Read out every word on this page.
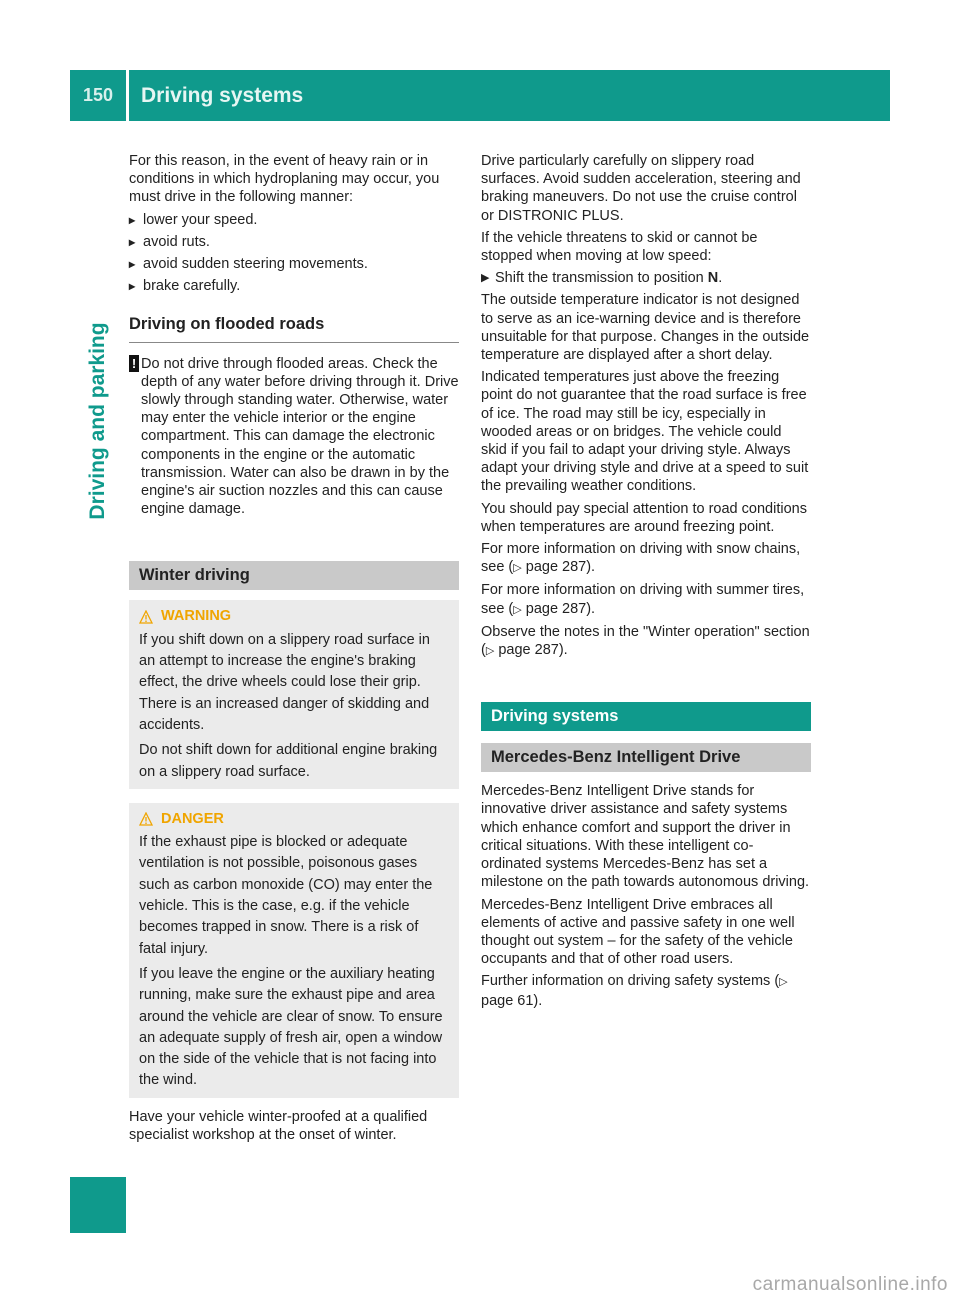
150	Driving systems
Driving and parking

For this reason, in the event of heavy rain or in conditions in which hydroplaning may occur, you must drive in the following manner:

▸ lower your speed.
▸ avoid ruts.
▸ avoid sudden steering movements.
▸ brake carefully.
Driving on flooded roads
! Do not drive through flooded areas. Check the depth of any water before driving through it. Drive slowly through standing water. Otherwise, water may enter the vehicle interior or the engine compartment. This can damage the electronic components in the engine or the automatic transmission. Water can also be drawn in by the engine's air suction nozzles and this can cause engine damage.
Winter driving
WARNING

If you shift down on a slippery road surface in an attempt to increase the engine's braking effect, the drive wheels could lose their grip. There is an increased danger of skidding and accidents.

Do not shift down for additional engine braking on a slippery road surface.

DANGER

If the exhaust pipe is blocked or adequate ventilation is not possible, poisonous gases such as carbon monoxide (CO) may enter the vehicle. This is the case, e.g. if the vehicle becomes trapped in snow. There is a risk of fatal injury.

If you leave the engine or the auxiliary heating running, make sure the exhaust pipe and area around the vehicle are clear of snow. To ensure an adequate supply of fresh air, open a window on the side of the vehicle that is not facing into the wind.

Have your vehicle winter-proofed at a qualified specialist workshop at the onset of winter.

Drive particularly carefully on slippery road surfaces. Avoid sudden acceleration, steering and braking maneuvers. Do not use the cruise control or DISTRONIC PLUS.

If the vehicle threatens to skid or cannot be stopped when moving at low speed:

▶ Shift the transmission to position N.

The outside temperature indicator is not designed to serve as an ice-warning device and is therefore unsuitable for that purpose. Changes in the outside temperature are displayed after a short delay.

Indicated temperatures just above the freezing point do not guarantee that the road surface is free of ice. The road may still be icy, especially in wooded areas or on bridges. The vehicle could skid if you fail to adapt your driving style. Always adapt your driving style and drive at a speed to suit the prevailing weather conditions.

You should pay special attention to road conditions when temperatures are around freezing point.

For more information on driving with snow chains, see (▷ page 287).

For more information on driving with summer tires, see (▷ page 287).

Observe the notes in the "Winter operation" section (▷ page 287).

Driving systems
Mercedes-Benz Intelligent Drive

Mercedes-Benz Intelligent Drive stands for innovative driver assistance and safety systems which enhance comfort and support the driver in critical situations. With these intelligent co-ordinated systems Mercedes-Benz has set a milestone on the path towards autonomous driving.

Mercedes-Benz Intelligent Drive embraces all elements of active and passive safety in one well thought out system – for the safety of the vehicle occupants and that of other road users.

Further information on driving safety systems (▷ page 61).

carmanualsonline.info
